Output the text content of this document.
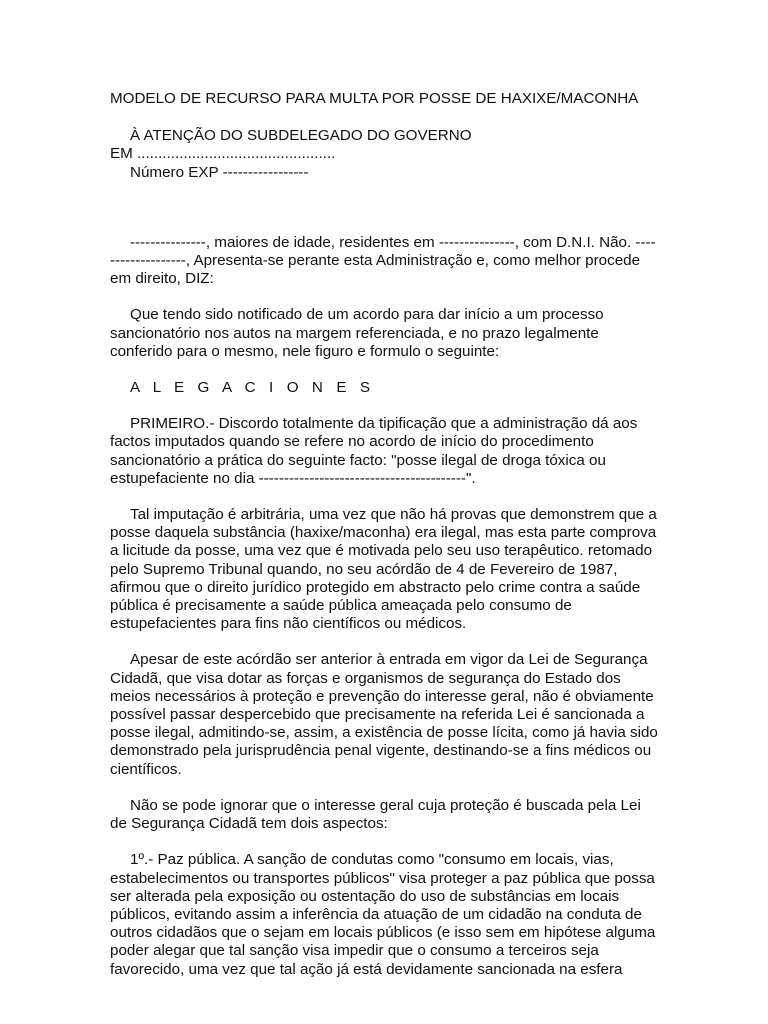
MODELO DE RECURSO PARA MULTA POR POSSE DE HAXIXE/MACONHA

À ATENÇÃO DO SUBDELEGADO DO GOVERNO

EM ...............................................

Número EXP -----------------

---------------, maiores de idade, residentes em ---------------, com D.N.I. Não. -------------------, Apresenta-se perante esta Administração e, como melhor procede em direito, DIZ:

Que tendo sido notificado de um acordo para dar início a um processo sancionatório nos autos na margem referenciada, e no prazo legalmente conferido para o mesmo, nele figuro e formulo o seguinte:

A L E G A C I O N E S

PRIMEIRO.- Discordo totalmente da tipificação que a administração dá aos factos imputados quando se refere no acordo de início do procedimento sancionatório a prática do seguinte facto: "posse ilegal de droga tóxica ou estupefaciente no dia -----------------------------------------".

Tal imputação é arbitrária, uma vez que não há provas que demonstrem que a posse daquela substância (haxixe/maconha) era ilegal, mas esta parte comprova a licitude da posse, uma vez que é motivada pelo seu uso terapêutico. retomado pelo Supremo Tribunal quando, no seu acórdão de 4 de Fevereiro de 1987, afirmou que o direito jurídico protegido em abstracto pelo crime contra a saúde pública é precisamente a saúde pública ameaçada pelo consumo de estupefacientes para fins não científicos ou médicos.

Apesar de este acórdão ser anterior à entrada em vigor da Lei de Segurança Cidadã, que visa dotar as forças e organismos de segurança do Estado dos meios necessários à proteção e prevenção do interesse geral, não é obviamente possível passar despercebido que precisamente na referida Lei é sancionada a posse ilegal, admitindo-se, assim, a existência de posse lícita, como já havia sido demonstrado pela jurisprudência penal vigente, destinando-se a fins médicos ou científicos.

Não se pode ignorar que o interesse geral cuja proteção é buscada pela Lei de Segurança Cidadã tem dois aspectos:

1º.- Paz pública. A sanção de condutas como "consumo em locais, vias, estabelecimentos ou transportes públicos" visa proteger a paz pública que possa ser alterada pela exposição ou ostentação do uso de substâncias em locais públicos, evitando assim a inferência da atuação de um cidadão na conduta de outros cidadãos que o sejam em locais públicos (e isso sem em hipótese alguma poder alegar que tal sanção visa impedir que o consumo a terceiros seja favorecido, uma vez que tal ação já está devidamente sancionada na esfera
